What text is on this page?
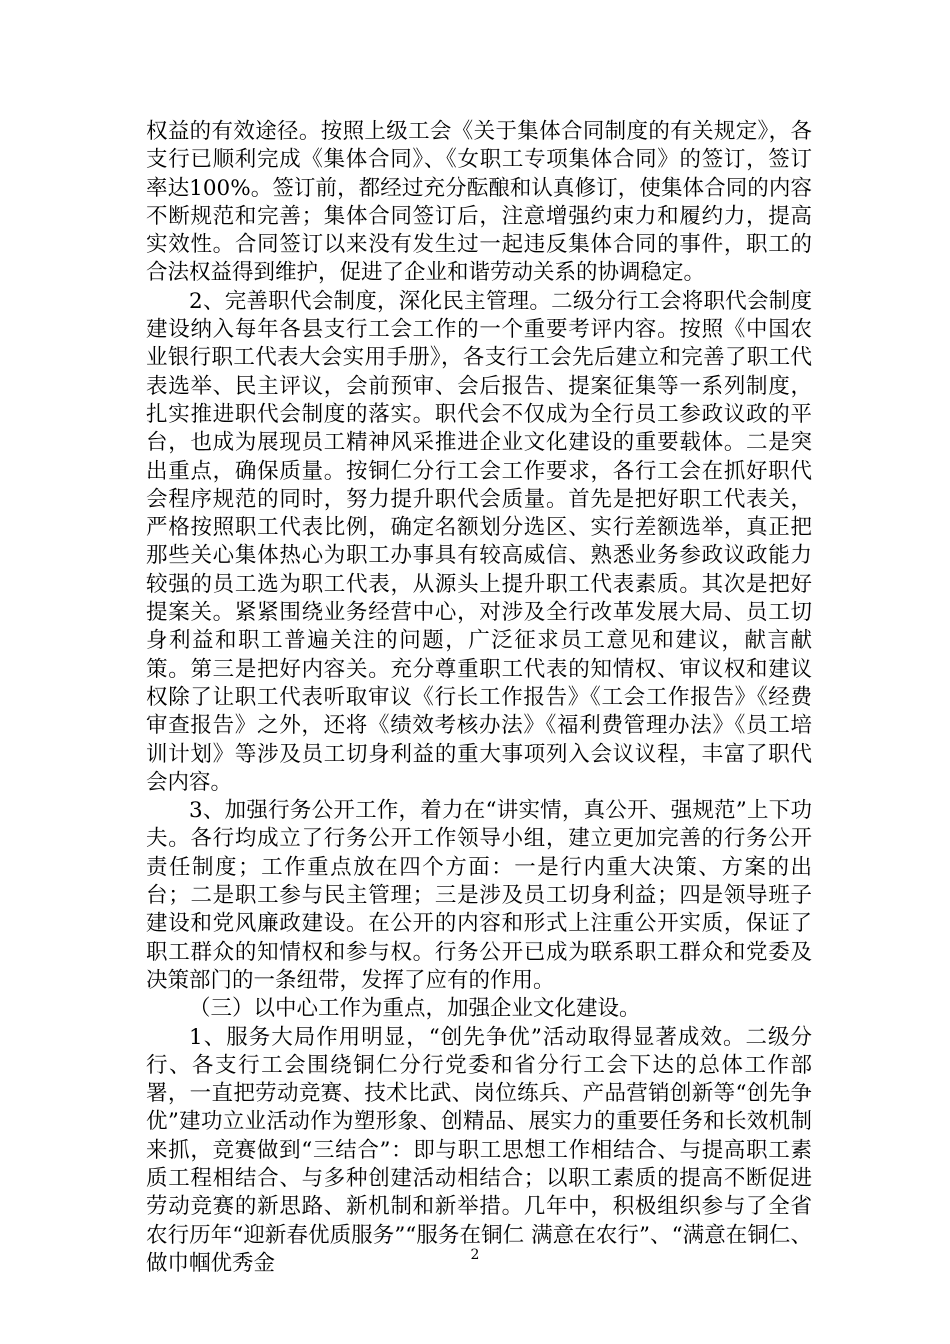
权益的有效途径。按照上级工会《关于集体合同制度的有关规定》，各支行已顺利完成《集体合同》、《女职工专项集体合同》的签订，签订率达100%。签订前，都经过充分酝酿和认真修订，使集体合同的内容不断规范和完善；集体合同签订后，注意增强约束力和履约力，提高实效性。合同签订以来没有发生过一起违反集体合同的事件，职工的合法权益得到维护，促进了企业和谐劳动关系的协调稳定。

2、完善职代会制度，深化民主管理。二级分行工会将职代会制度建设纳入每年各县支行工会工作的一个重要考评内容。按照《中国农业银行职工代表大会实用手册》，各支行工会先后建立和完善了职工代表选举、民主评议，会前预审、会后报告、提案征集等一系列制度，扎实推进职代会制度的落实。职代会不仅成为全行员工参政议政的平台，也成为展现员工精神风采推进企业文化建设的重要载体。二是突出重点，确保质量。按铜仁分行工会工作要求，各行工会在抓好职代会程序规范的同时，努力提升职代会质量。首先是把好职工代表关，严格按照职工代表比例，确定名额划分选区、实行差额选举，真正把那些关心集体热心为职工办事具有较高威信、熟悉业务参政议政能力较强的员工选为职工代表，从源头上提升职工代表素质。其次是把好提案关。紧紧围绕业务经营中心，对涉及全行改革发展大局、员工切身利益和职工普遍关注的问题，广泛征求员工意见和建议，献言献策。第三是把好内容关。充分尊重职工代表的知情权、审议权和建议权除了让职工代表听取审议《行长工作报告》《工会工作报告》《经费审查报告》之外，还将《绩效考核办法》《福利费管理办法》《员工培训计划》等涉及员工切身利益的重大事项列入会议议程，丰富了职代会内容。

3、加强行务公开工作，着力在“讲实情，真公开、强规范”上下功夫。各行均成立了行务公开工作领导小组，建立更加完善的行务公开责任制度；工作重点放在四个方面：一是行内重大决策、方案的出台；二是职工参与民主管理；三是涉及员工切身利益；四是领导班子建设和党风廉政建设。在公开的内容和形式上注重公开实质，保证了职工群众的知情权和参与权。行务公开已成为联系职工群众和党委及决策部门的一条纽带，发挥了应有的作用。

（三）以中心工作为重点，加强企业文化建设。

1、服务大局作用明显，“创先争优”活动取得显著成效。二级分行、各支行工会围绕铜仁分行党委和省分行工会下达的总体工作部署，一直把劳动竞赛、技术比武、岗位练兵、产品营销创新等“创先争优”建功立业活动作为塑形象、创精品、展实力的重要任务和长效机制来抓，竞赛做到“三结合”：即与职工思想工作相结合、与提高职工素质工程相结合、与多种创建活动相结合；以职工素质的提高不断促进劳动竞赛的新思路、新机制和新举措。几年中，积极组织参与了全省农行历年“迎新春优质服务”“服务在铜仁 满意在农行”、“满意在铜仁、做巾帼优秀金	2
